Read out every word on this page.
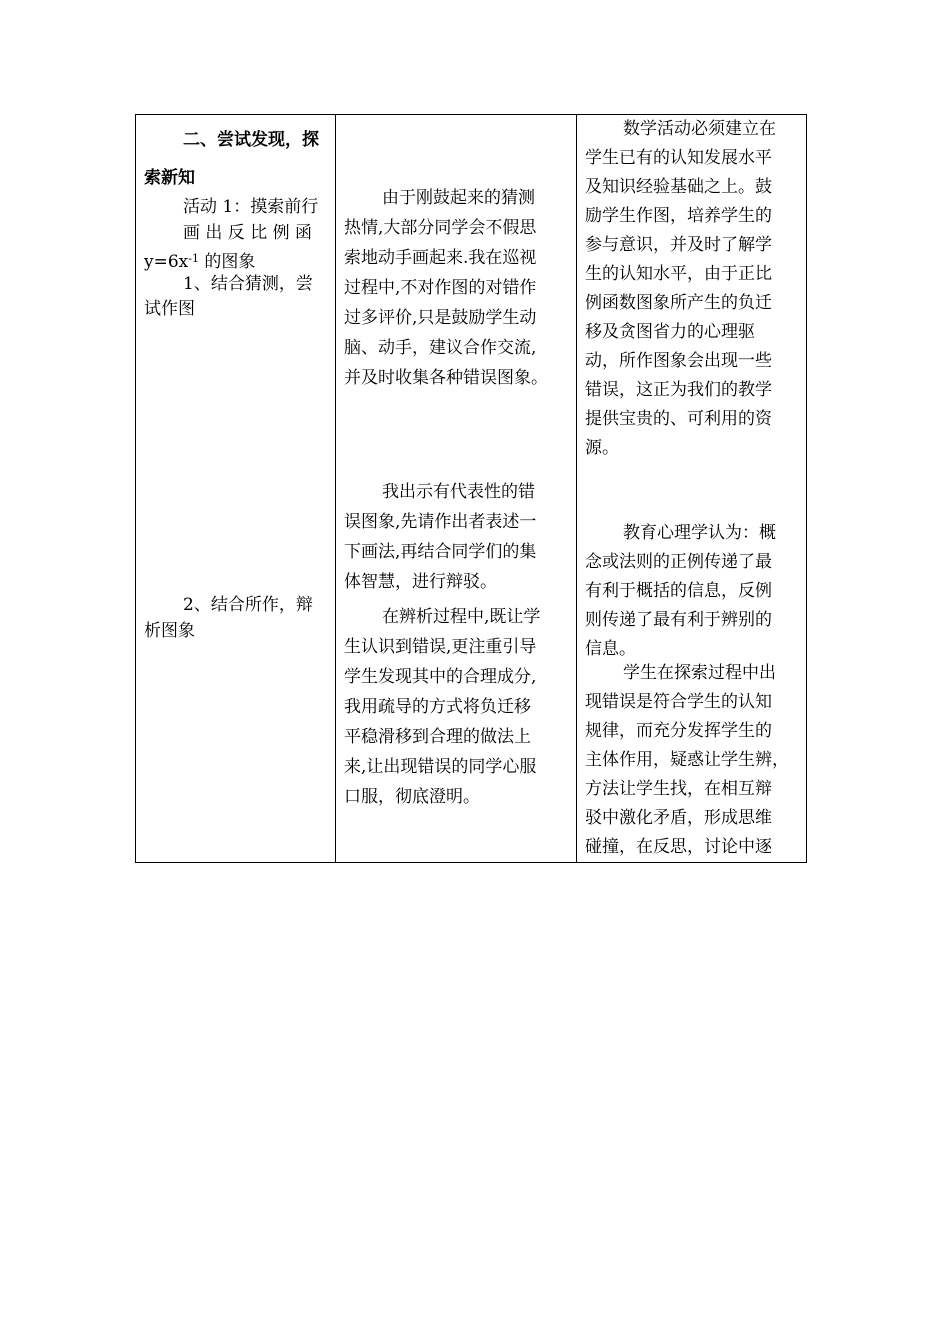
二、尝试发现，探
索新知
活动 1：摸索前行
画 出 反 比 例 函
$y=6x^{-1}$ 的图象
1、结合猜测，尝
试作图
2、结合所作，辩
析图象
由于刚鼓起来的猜测
热情,大部分同学会不假思
索地动手画起来.我在巡视
过程中,不对作图的对错作
过多评价,只是鼓励学生动
脑、动手，建议合作交流,
并及时收集各种错误图象。
我出示有代表性的错
误图象,先请作出者表述一
下画法,再结合同学们的集
体智慧，进行辩驳。
在辨析过程中,既让学
生认识到错误,更注重引导
学生发现其中的合理成分,
我用疏导的方式将负迁移
平稳滑移到合理的做法上
来,让出现错误的同学心服
口服，彻底澄明。
数学活动必须建立在
学生已有的认知发展水平
及知识经验基础之上。鼓
励学生作图，培养学生的
参与意识，并及时了解学
生的认知水平，由于正比
例函数图象所产生的负迁
移及贪图省力的心理驱
动，所作图象会出现一些
错误，这正为我们的教学
提供宝贵的、可利用的资
源。
教育心理学认为：概
念或法则的正例传递了最
有利于概括的信息，反例
则传递了最有利于辨别的
信息。
学生在探索过程中出
现错误是符合学生的认知
规律，而充分发挥学生的
主体作用，疑惑让学生辨，
方法让学生找，在相互辩
驳中激化矛盾，形成思维
碰撞，在反思，讨论中逐
